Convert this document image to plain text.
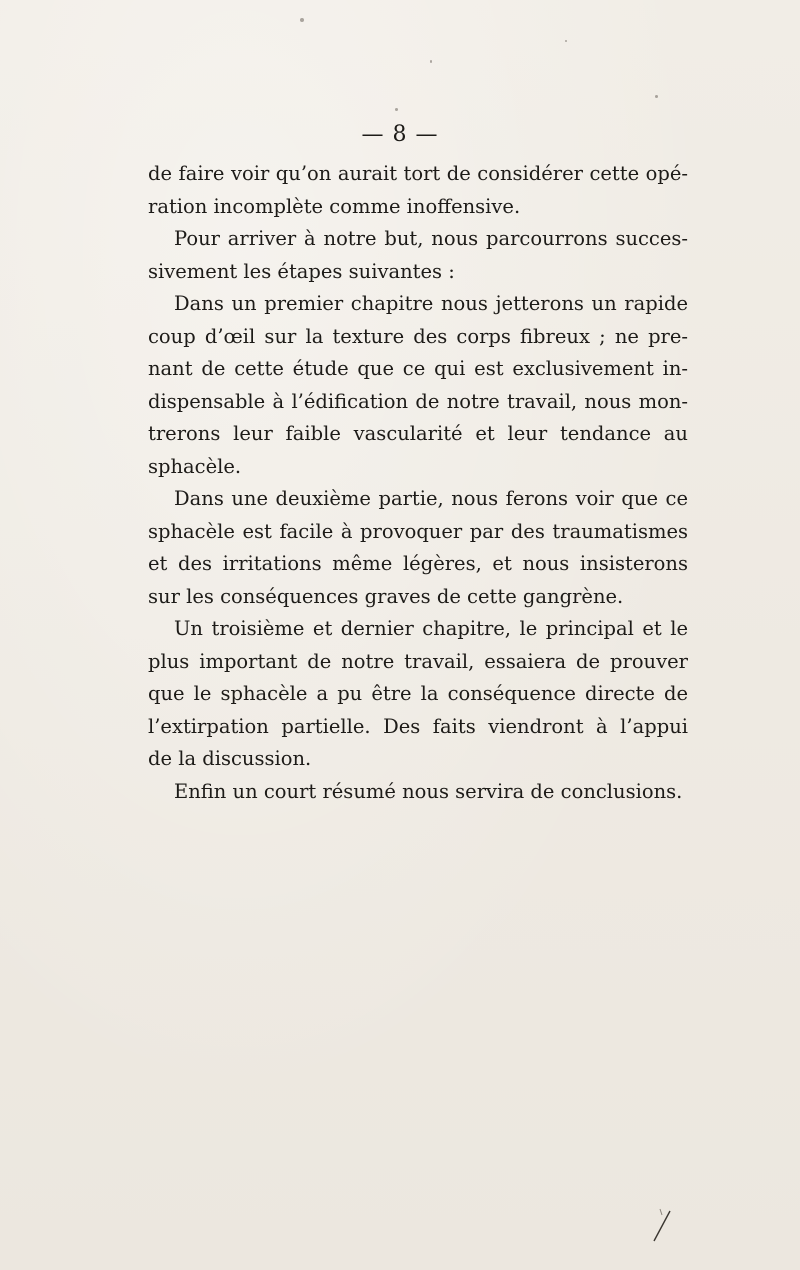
— 8 —
de faire voir qu’on aurait tort de considérer cette opé-
ration incomplète comme inoffensive.
Pour arriver à notre but, nous parcourrons succes-
sivement les étapes suivantes :
Dans un premier chapitre nous jetterons un rapide
coup d’œil sur la texture des corps fibreux ; ne pre-
nant de cette étude que ce qui est exclusivement in-
dispensable à l’édification de notre travail, nous mon-
trerons leur faible vascularité et leur tendance au
sphacèle.
Dans une deuxième partie, nous ferons voir que ce
sphacèle est facile à provoquer par des traumatismes
et des irritations même légères, et nous insisterons
sur les conséquences graves de cette gangrène.
Un troisième et dernier chapitre, le principal et le
plus important de notre travail, essaiera de prouver
que le sphacèle a pu être la conséquence directe de
l’extirpation partielle. Des faits viendront à l’appui
de la discussion.
Enfin un court résumé nous servira de conclusions.
